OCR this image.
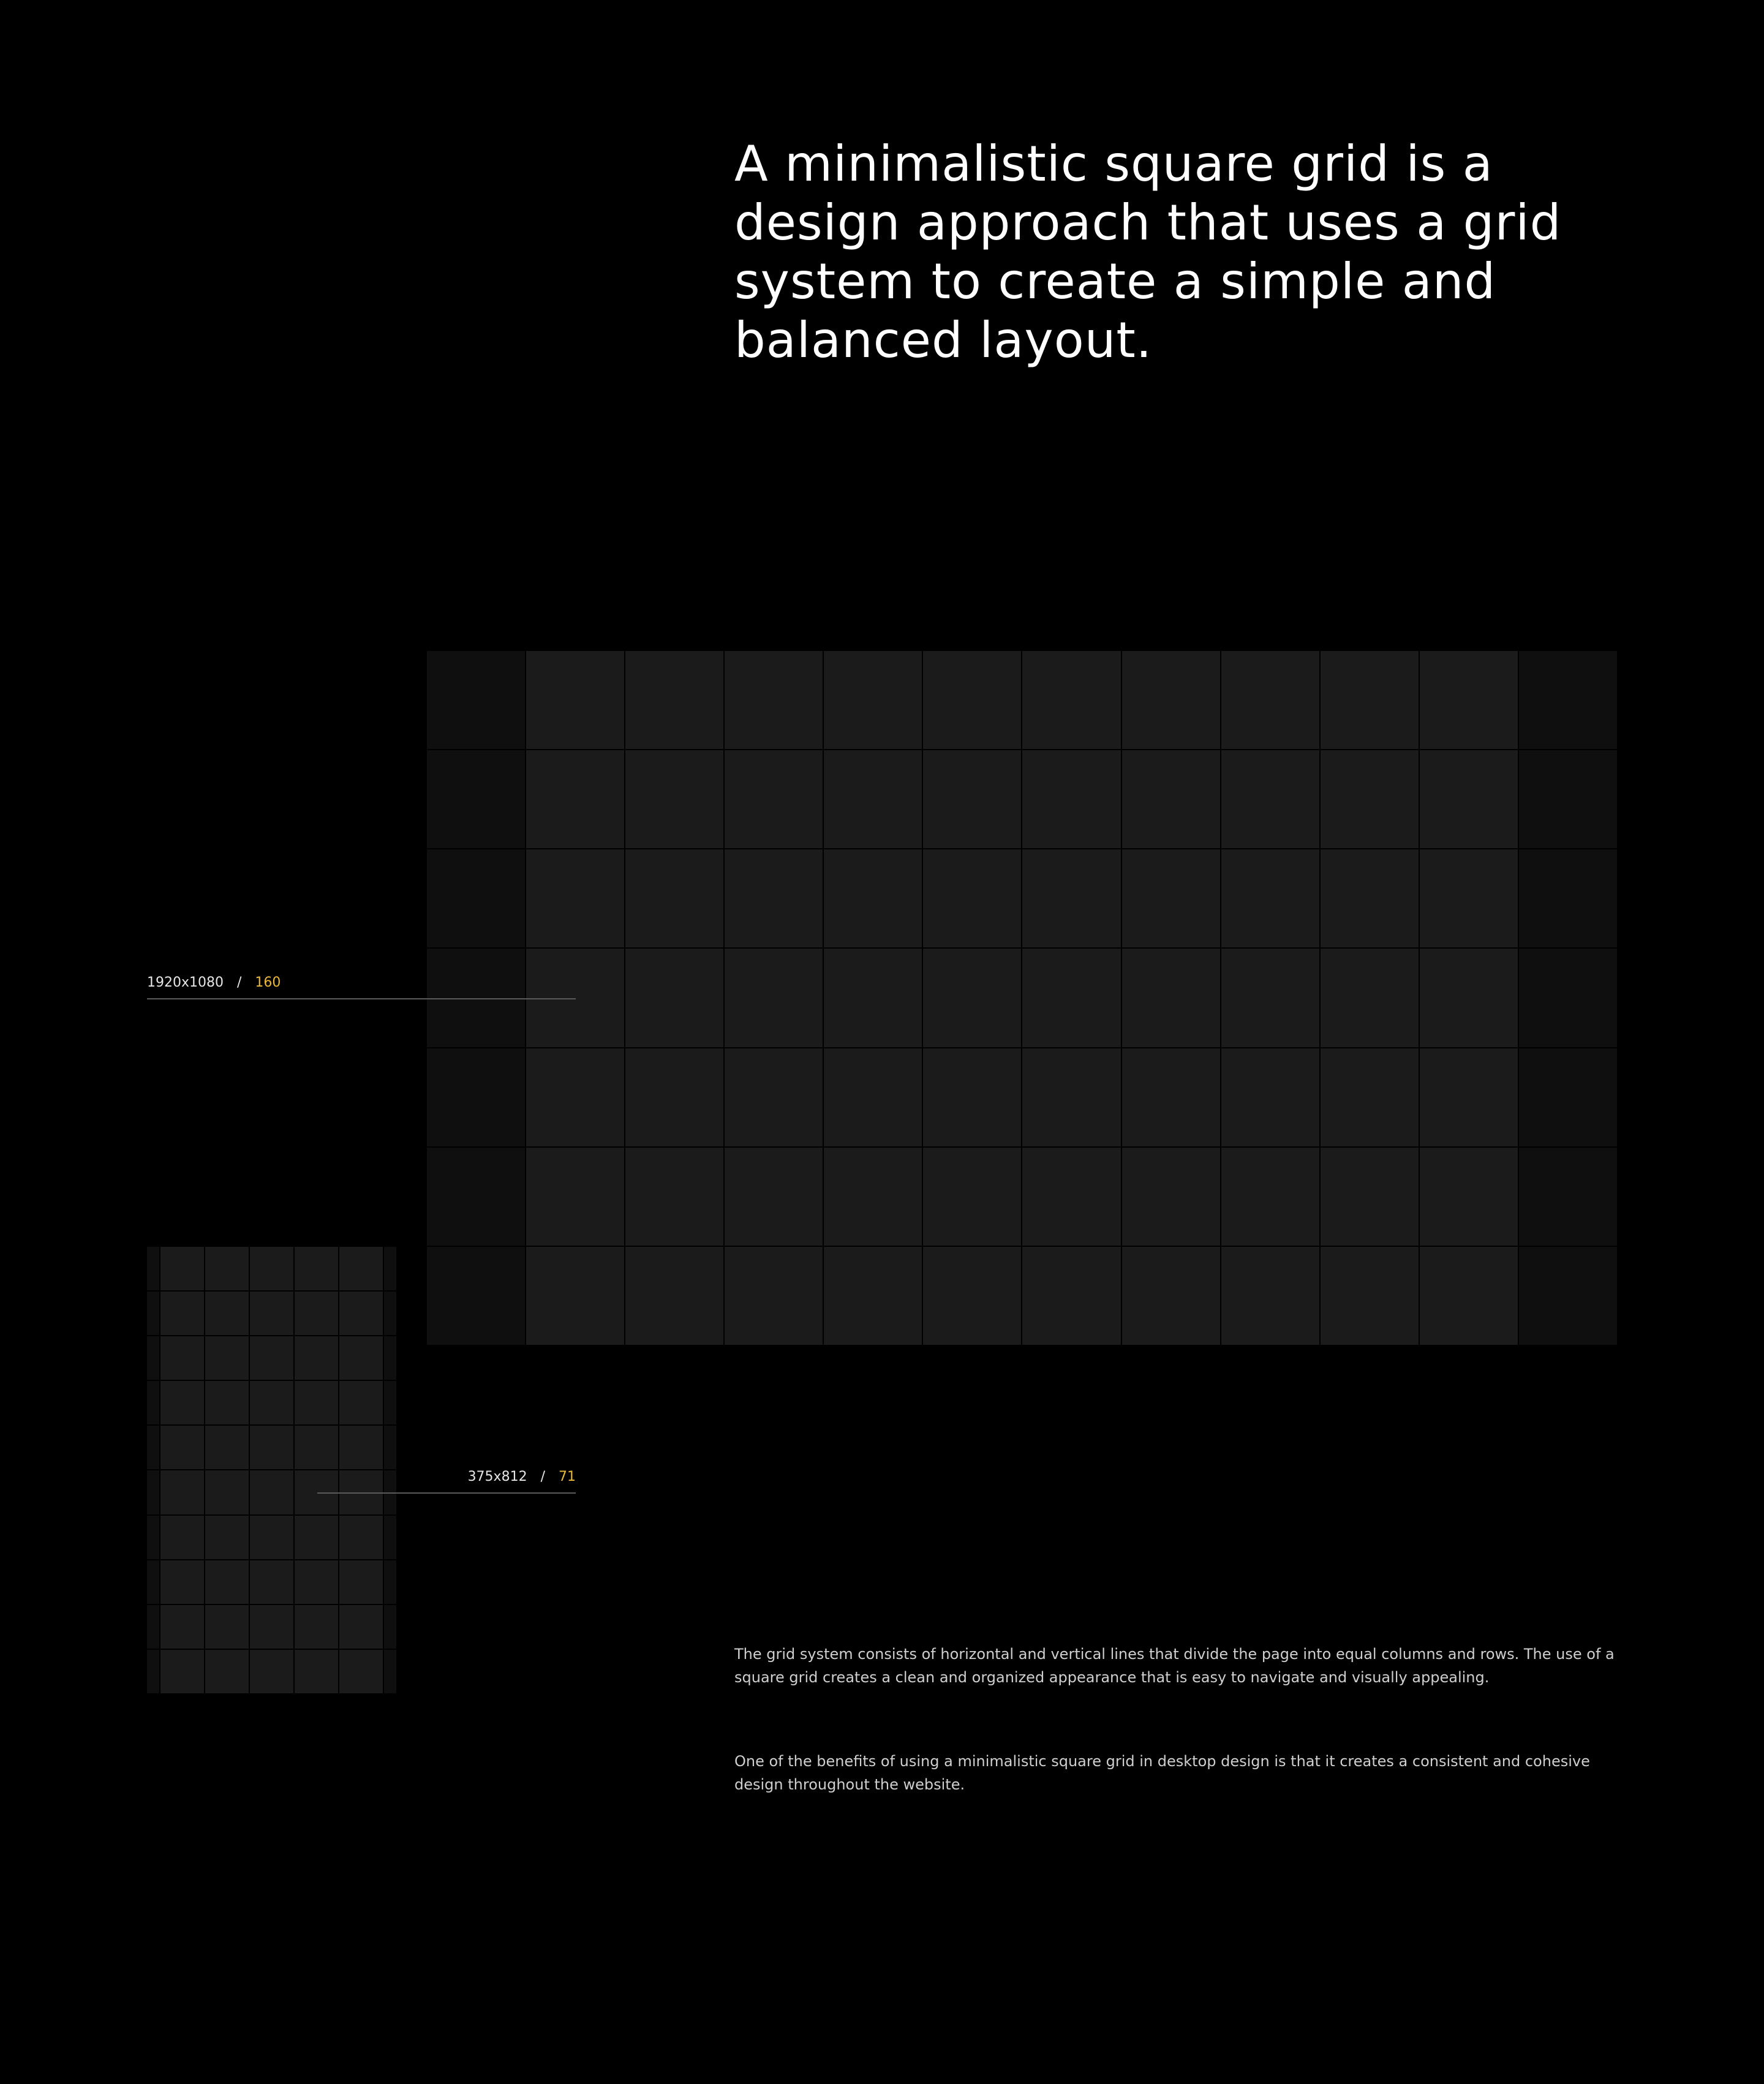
A minimalistic square grid is a design approach that uses a grid system to create a simple and balanced layout.
1920x1080 / 160
375x812 / 71

The grid system consists of horizontal and vertical lines that divide the page into equal columns and rows. The use of a square grid creates a clean and organized appearance that is easy to navigate and visually appealing.

One of the benefits of using a minimalistic square grid in desktop design is that it creates a consistent and cohesive design throughout the website.
